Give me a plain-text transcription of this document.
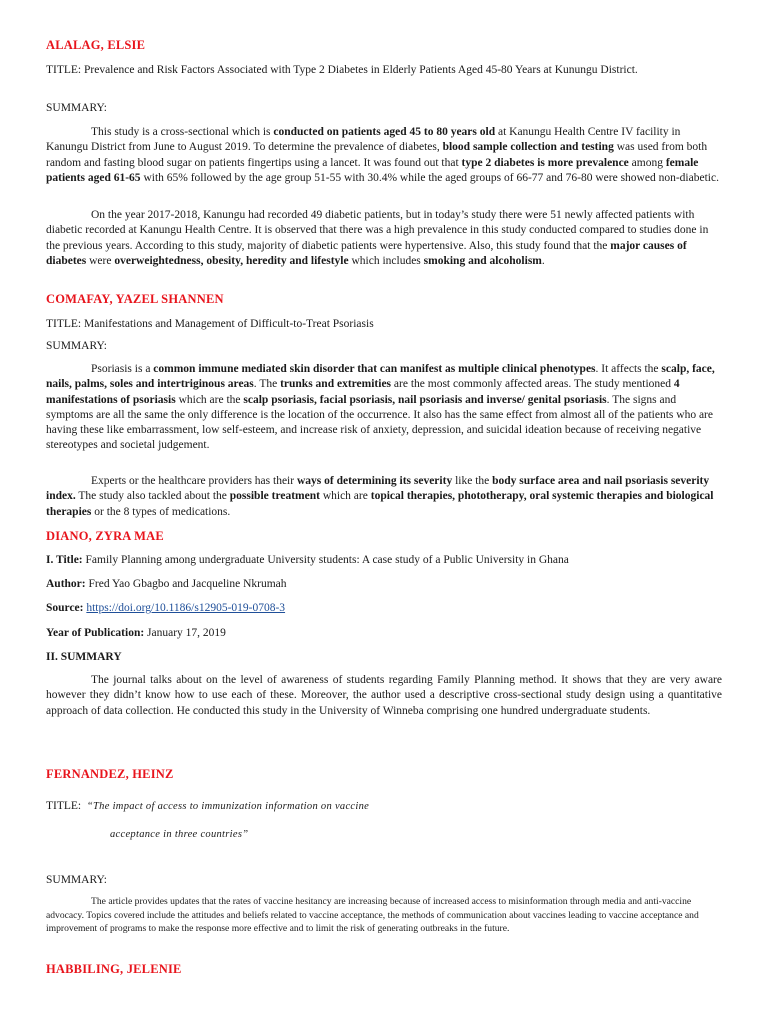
ALALAG, ELSIE
TITLE: Prevalence and Risk Factors Associated with Type 2 Diabetes in Elderly Patients Aged 45-80 Years at Kunungu District.
SUMMARY:
This study is a cross-sectional which is conducted on patients aged 45 to 80 years old at Kanungu Health Centre IV facility in Kanungu District from June to August 2019. To determine the prevalence of diabetes, blood sample collection and testing was used from both random and fasting blood sugar on patients fingertips using a lancet. It was found out that type 2 diabetes is more prevalence among female patients aged 61-65 with 65% followed by the age group 51-55 with 30.4% while the aged groups of 66-77 and 76-80 were showed non-diabetic.
On the year 2017-2018, Kanungu had recorded 49 diabetic patients, but in today’s study there were 51 newly affected patients with diabetic recorded at Kanungu Health Centre. It is observed that there was a high prevalence in this study conducted compared to studies done in the previous years. According to this study, majority of diabetic patients were hypertensive. Also, this study found that the major causes of diabetes were overweightedness, obesity, heredity and lifestyle which includes smoking and alcoholism.
COMAFAY, YAZEL SHANNEN
TITLE: Manifestations and Management of Difficult-to-Treat Psoriasis
SUMMARY:
Psoriasis is a common immune mediated skin disorder that can manifest as multiple clinical phenotypes. It affects the scalp, face, nails, palms, soles and intertriginous areas. The trunks and extremities are the most commonly affected areas. The study mentioned 4 manifestations of psoriasis which are the scalp psoriasis, facial psoriasis, nail psoriasis and inverse/ genital psoriasis. The signs and symptoms are all the same the only difference is the location of the occurrence. It also has the same effect from almost all of the patients who are having these like embarrassment, low self-esteem, and increase risk of anxiety, depression, and suicidal ideation because of receiving negative stereotypes and societal judgement.
Experts or the healthcare providers has their ways of determining its severity like the body surface area and nail psoriasis severity index. The study also tackled about the possible treatment which are topical therapies, phototherapy, oral systemic therapies and biological therapies or the 8 types of medications.
DIANO, ZYRA MAE
I. Title: Family Planning among undergraduate University students: A case study of a Public University in Ghana
Author: Fred Yao Gbagbo and Jacqueline Nkrumah
Source: https://doi.org/10.1186/s12905-019-0708-3
Year of Publication: January 17, 2019
II. SUMMARY
The journal talks about on the level of awareness of students regarding Family Planning method. It shows that they are very aware however they didn’t know how to use each of these. Moreover, the author used a descriptive cross-sectional study design using a quantitative approach of data collection. He conducted this study in the University of Winneba comprising one hundred undergraduate students.
FERNANDEZ, HEINZ
TITLE: “The impact of access to immunization information on vaccine
acceptance in three countries”
SUMMARY:
The article provides updates that the rates of vaccine hesitancy are increasing because of increased access to misinformation through media and anti-vaccine advocacy. Topics covered include the attitudes and beliefs related to vaccine acceptance, the methods of communication about vaccines leading to vaccine acceptance and improvement of programs to make the response more effective and to limit the risk of generating outbreaks in the future.
HABBILING, JELENIE
